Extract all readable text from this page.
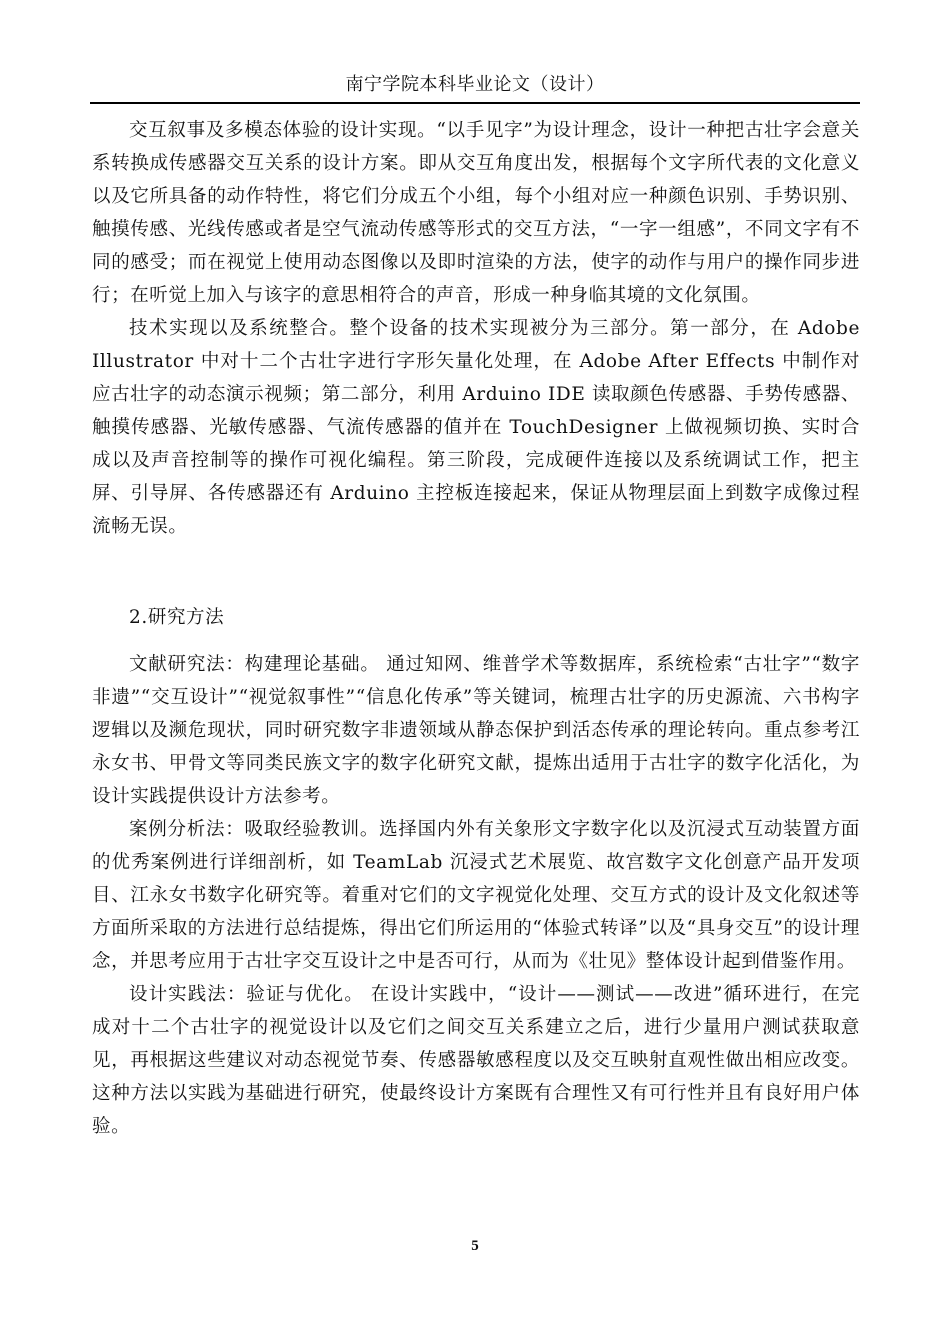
南宁学院本科毕业论文（设计）

交互叙事及多模态体验的设计实现。“以手见字”为设计理念，设计一种把古壮字会意关系转换成传感器交互关系的设计方案。即从交互角度出发，根据每个文字所代表的文化意义以及它所具备的动作特性，将它们分成五个小组，每个小组对应一种颜色识别、手势识别、触摸传感、光线传感或者是空气流动传感等形式的交互方法，“一字一组感”，不同文字有不同的感受；而在视觉上使用动态图像以及即时渲染的方法，使字的动作与用户的操作同步进行；在听觉上加入与该字的意思相符合的声音，形成一种身临其境的文化氛围。

技术实现以及系统整合。整个设备的技术实现被分为三部分。第一部分，在 Adobe Illustrator 中对十二个古壮字进行字形矢量化处理，在 Adobe After Effects 中制作对应古壮字的动态演示视频；第二部分，利用 Arduino IDE 读取颜色传感器、手势传感器、触摸传感器、光敏传感器、气流传感器的值并在 TouchDesigner 上做视频切换、实时合成以及声音控制等的操作可视化编程。第三阶段，完成硬件连接以及系统调试工作，把主屏、引导屏、各传感器还有 Arduino 主控板连接起来，保证从物理层面上到数字成像过程流畅无误。

2.研究方法

文献研究法：构建理论基础。 通过知网、维普学术等数据库，系统检索“古壮字”“数字非遗”“交互设计”“视觉叙事性”“信息化传承”等关键词，梳理古壮字的历史源流、六书构字逻辑以及濒危现状，同时研究数字非遗领域从静态保护到活态传承的理论转向。重点参考江永女书、甲骨文等同类民族文字的数字化研究文献，提炼出适用于古壮字的数字化活化，为设计实践提供设计方法参考。

案例分析法：吸取经验教训。选择国内外有关象形文字数字化以及沉浸式互动装置方面的优秀案例进行详细剖析，如 TeamLab 沉浸式艺术展览、故宫数字文化创意产品开发项目、江永女书数字化研究等。着重对它们的文字视觉化处理、交互方式的设计及文化叙述等方面所采取的方法进行总结提炼，得出它们所运用的“体验式转译”以及“具身交互”的设计理念，并思考应用于古壮字交互设计之中是否可行，从而为《壮见》整体设计起到借鉴作用。

设计实践法：验证与优化。 在设计实践中，“设计——测试——改进”循环进行，在完成对十二个古壮字的视觉设计以及它们之间交互关系建立之后，进行少量用户测试获取意见，再根据这些建议对动态视觉节奏、传感器敏感程度以及交互映射直观性做出相应改变。这种方法以实践为基础进行研究，使最终设计方案既有合理性又有可行性并且有良好用户体验。

5
